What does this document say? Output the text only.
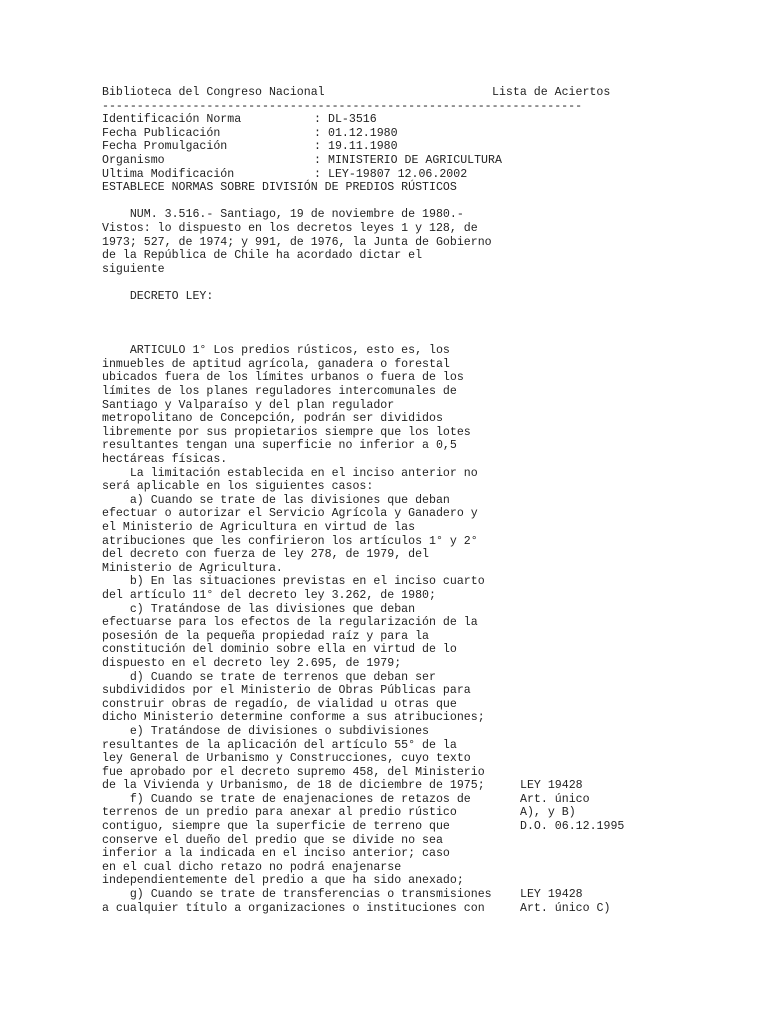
Biblioteca del Congreso Nacional

	Lista de Aciertos

---------------------------------------------------------------------
Identificación Norma	: DL-3516
Fecha Publicación	: 01.12.1980
Fecha Promulgación	: 19.11.1980
Organismo	: MINISTERIO DE AGRICULTURA
Ultima Modificación	: LEY-19807 12.06.2002
ESTABLECE NORMAS SOBRE DIVISIÓN DE PREDIOS RÚSTICOS
NUM. 3.516.- Santiago, 19 de noviembre de 1980.-
Vistos: lo dispuesto en los decretos leyes 1 y 128, de
1973; 527, de 1974; y 991, de 1976, la Junta de Gobierno
de la República de Chile ha acordado dictar el
siguiente
DECRETO LEY:
ARTICULO 1° Los predios rústicos, esto es, los
inmuebles de aptitud agrícola, ganadera o forestal
ubicados fuera de los límites urbanos o fuera de los
límites de los planes reguladores intercomunales de
Santiago y Valparaíso y del plan regulador
metropolitano de Concepción, podrán ser divididos
libremente por sus propietarios siempre que los lotes
resultantes tengan una superficie no inferior a 0,5
hectáreas físicas.
La limitación establecida en el inciso anterior no
será aplicable en los siguientes casos:
a) Cuando se trate de las divisiones que deban
efectuar o autorizar el Servicio Agrícola y Ganadero y
el Ministerio de Agricultura en virtud de las
atribuciones que les confirieron los artículos 1° y 2°
del decreto con fuerza de ley 278, de 1979, del
Ministerio de Agricultura.
b) En las situaciones previstas en el inciso cuarto
del artículo 11° del decreto ley 3.262, de 1980;
c) Tratándose de las divisiones que deban
efectuarse para los efectos de la regularización de la
posesión de la pequeña propiedad raíz y para la
constitución del dominio sobre ella en virtud de lo
dispuesto en el decreto ley 2.695, de 1979;
d) Cuando se trate de terrenos que deban ser
subdivididos por el Ministerio de Obras Públicas para
construir obras de regadío, de vialidad u otras que
dicho Ministerio determine conforme a sus atribuciones;
e) Tratándose de divisiones o subdivisiones
resultantes de la aplicación del artículo 55° de la
ley General de Urbanismo y Construcciones, cuyo texto
fue aprobado por el decreto supremo 458, del Ministerio
de la Vivienda y Urbanismo, de 18 de diciembre de 1975;	LEY 19428
f) Cuando se trate de enajenaciones de retazos de	Art. único
terrenos de un predio para anexar al predio rústico	A), y B)
contiguo, siempre que la superficie de terreno que	D.O. 06.12.1995
conserve el dueño del predio que se divide no sea
inferior a la indicada en el inciso anterior; caso
en el cual dicho retazo no podrá enajenarse
independientemente del predio a que ha sido anexado;
g) Cuando se trate de transferencias o transmisiones LEY 19428
a cualquier título a organizaciones o instituciones con	Art. único C)
